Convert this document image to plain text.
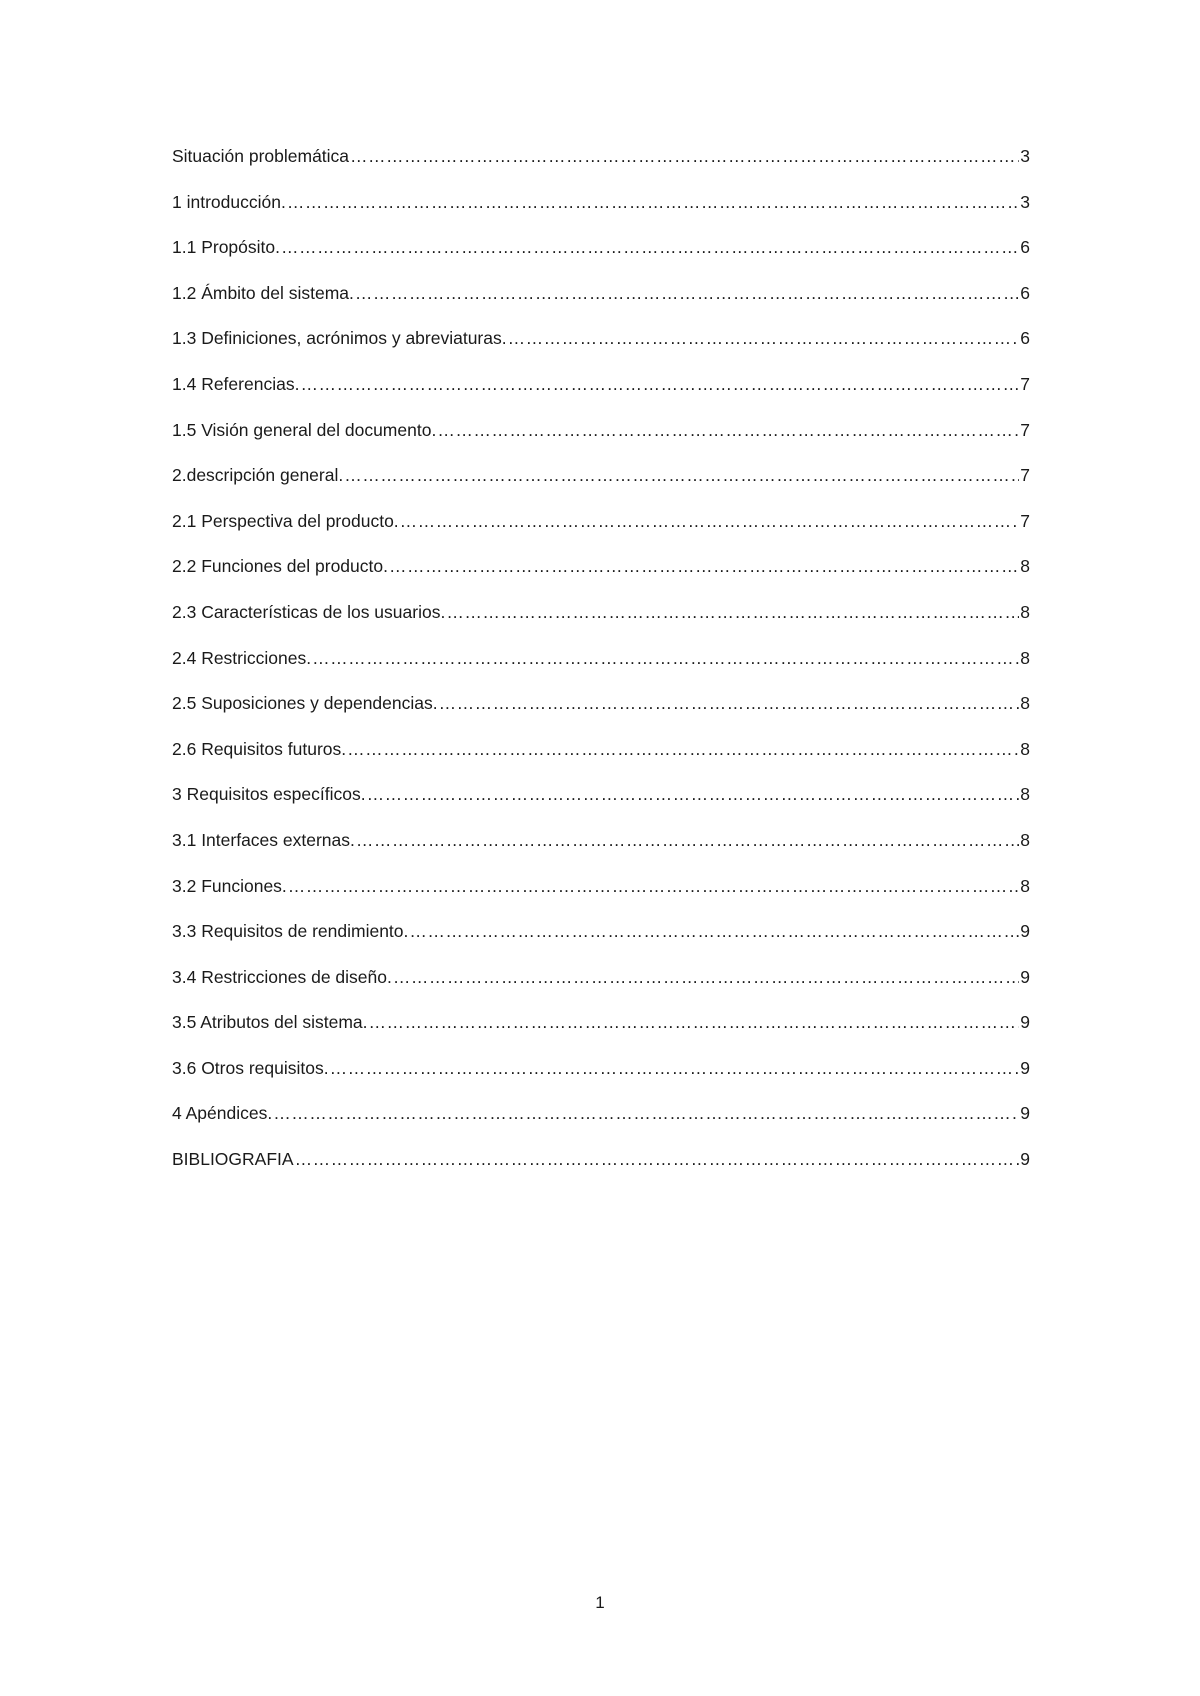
Situación problemática ………………………………………………………………………………………………………………………………………………………………………………………………………………………………………………………………………………………………………	3
1 introducción. ………………………………………………………………………………………………………………………………………………………………………………………………………………………………………………………………………………………………………	3
1.1 Propósito. ………………………………………………………………………………………………………………………………………………………………………………………………………………………………………………………………………………………………………	6
1.2 Ámbito del sistema. ………………………………………………………………………………………………………………………………………………………………………………………………………………………………………………………………………………………………………	6
1.3 Definiciones, acrónimos y abreviaturas. ………………………………………………………………………………………………………………………………………………………………………………………………………………………………………………………………………………………………………	6
1.4 Referencias. ………………………………………………………………………………………………………………………………………………………………………………………………………………………………………………………………………………………………………	7
1.5 Visión general del documento. ………………………………………………………………………………………………………………………………………………………………………………………………………………………………………………………………………………………………………	7
2.descripción general. ………………………………………………………………………………………………………………………………………………………………………………………………………………………………………………………………………………………………………	7
2.1 Perspectiva del producto. ………………………………………………………………………………………………………………………………………………………………………………………………………………………………………………………………………………………………………	7
2.2 Funciones del producto. ………………………………………………………………………………………………………………………………………………………………………………………………………………………………………………………………………………………………………	8
2.3 Características de los usuarios. ………………………………………………………………………………………………………………………………………………………………………………………………………………………………………………………………………………………………………	8
2.4 Restricciones. ………………………………………………………………………………………………………………………………………………………………………………………………………………………………………………………………………………………………………	8
2.5 Suposiciones y dependencias. ………………………………………………………………………………………………………………………………………………………………………………………………………………………………………………………………………………………………………	8
2.6 Requisitos futuros. ………………………………………………………………………………………………………………………………………………………………………………………………………………………………………………………………………………………………………	8
3 Requisitos específicos. ………………………………………………………………………………………………………………………………………………………………………………………………………………………………………………………………………………………………………	8
3.1 Interfaces externas. ………………………………………………………………………………………………………………………………………………………………………………………………………………………………………………………………………………………………………	8
3.2 Funciones. ………………………………………………………………………………………………………………………………………………………………………………………………………………………………………………………………………………………………………	8
3.3 Requisitos de rendimiento. ………………………………………………………………………………………………………………………………………………………………………………………………………………………………………………………………………………………………………	9
3.4 Restricciones de diseño. ………………………………………………………………………………………………………………………………………………………………………………………………………………………………………………………………………………………………………	9
3.5 Atributos del sistema. ………………………………………………………………………………………………………………………………………………………………………………………………………………………………………………………………………………………………………	9
3.6 Otros requisitos. ………………………………………………………………………………………………………………………………………………………………………………………………………………………………………………………………………………………………………	9
4 Apéndices. ………………………………………………………………………………………………………………………………………………………………………………………………………………………………………………………………………………………………………	9
BIBLIOGRAFIA ………………………………………………………………………………………………………………………………………………………………………………………………………………………………………………………………………………………………………	9
1
